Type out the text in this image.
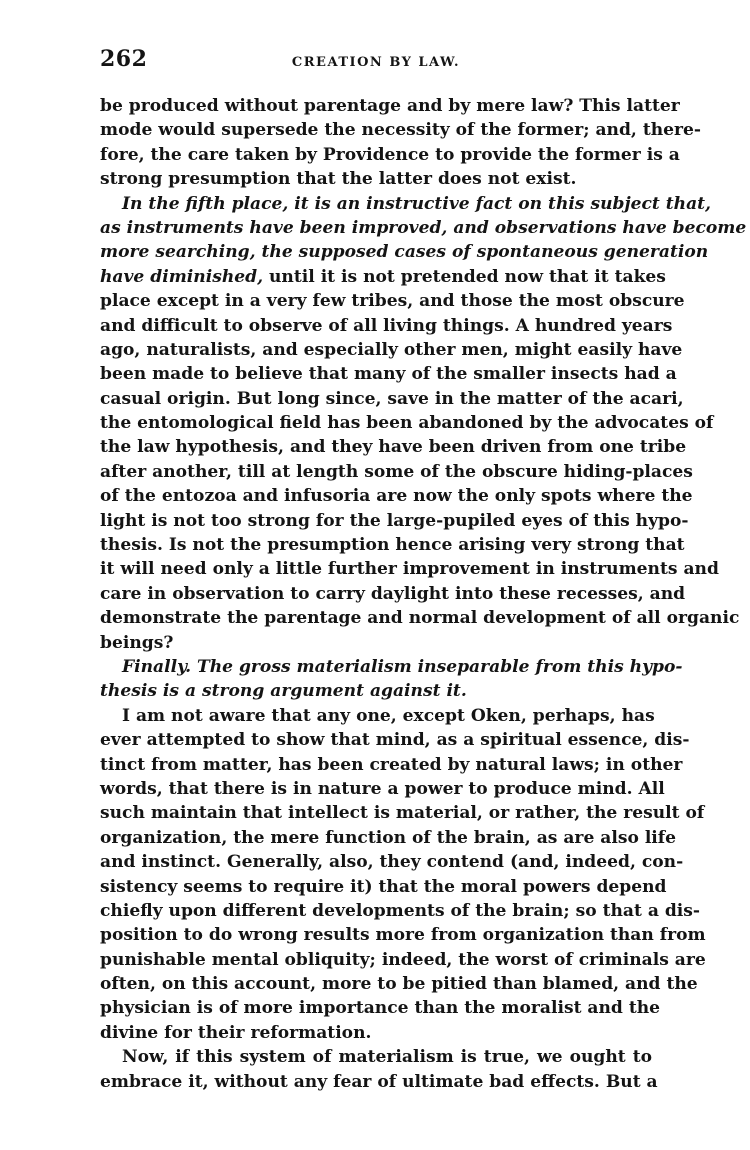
262	CREATION BY LAW.
be produced without parentage and by mere law? This latter
mode would supersede the necessity of the former; and, there-
fore, the care taken by Providence to provide the former is a
strong presumption that the latter does not exist.
In the fifth place, it is an instructive fact on this subject that,
as instruments have been improved, and observations have become
more searching, the supposed cases of spontaneous generation
have diminished, until it is not pretended now that it takes
place except in a very few tribes, and those the most obscure
and difficult to observe of all living things. A hundred years
ago, naturalists, and especially other men, might easily have
been made to believe that many of the smaller insects had a
casual origin. But long since, save in the matter of the acari,
the entomological field has been abandoned by the advocates of
the law hypothesis, and they have been driven from one tribe
after another, till at length some of the obscure hiding-places
of the entozoa and infusoria are now the only spots where the
light is not too strong for the large-pupiled eyes of this hypo-
thesis. Is not the presumption hence arising very strong that
it will need only a little further improvement in instruments and
care in observation to carry daylight into these recesses, and
demonstrate the parentage and normal development of all organic
beings?
Finally. The gross materialism inseparable from this hypo-
thesis is a strong argument against it.
I am not aware that any one, except Oken, perhaps, has
ever attempted to show that mind, as a spiritual essence, dis-
tinct from matter, has been created by natural laws; in other
words, that there is in nature a power to produce mind. All
such maintain that intellect is material, or rather, the result of
organization, the mere function of the brain, as are also life
and instinct. Generally, also, they contend (and, indeed, con-
sistency seems to require it) that the moral powers depend
chiefly upon different developments of the brain; so that a dis-
position to do wrong results more from organization than from
punishable mental obliquity; indeed, the worst of criminals are
often, on this account, more to be pitied than blamed, and the
physician is of more importance than the moralist and the
divine for their reformation.
Now, if this system of materialism is true, we ought to
embrace it, without any fear of ultimate bad effects. But a
